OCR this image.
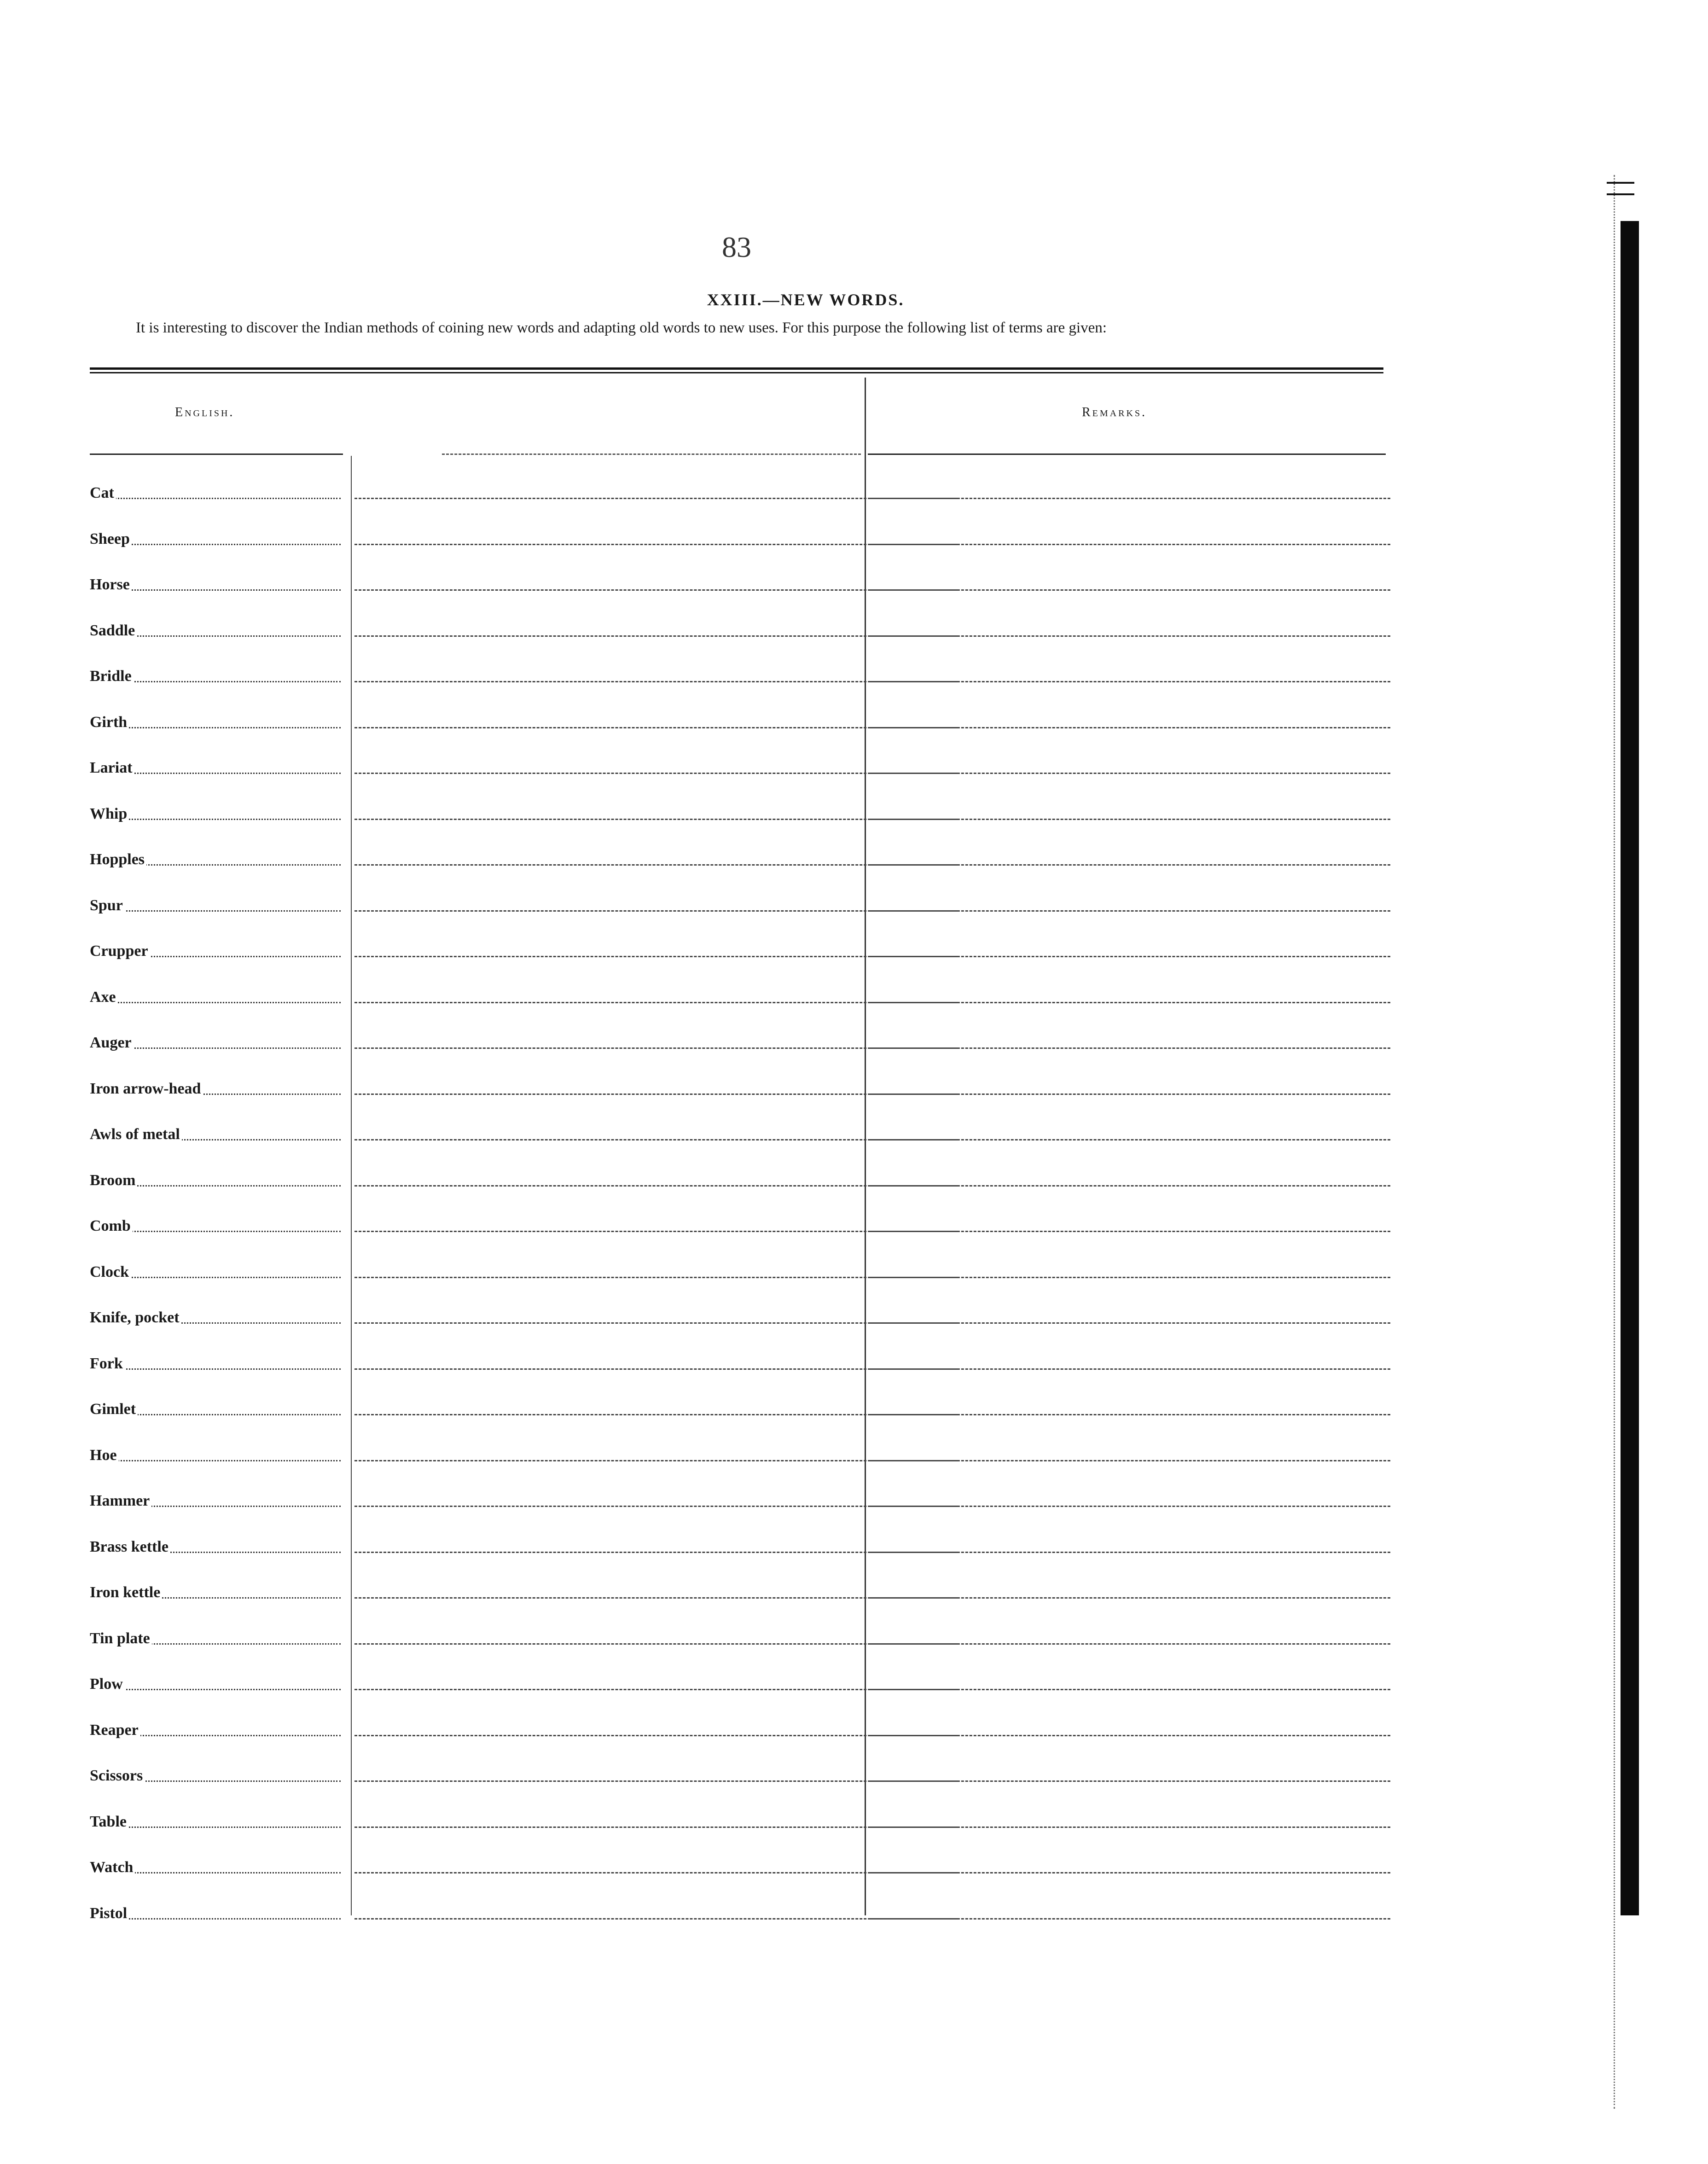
83
XXIII.—NEW WORDS.
It is interesting to discover the Indian methods of coining new words and adapting old words to new uses. For this purpose the following list of terms are given:
English.	Remarks.
Cat
Sheep
Horse
Saddle
Bridle
Girth
Lariat
Whip
Hopples
Spur
Crupper
Axe
Auger
Iron arrow-head
Awls of metal
Broom
Comb
Clock
Knife, pocket
Fork
Gimlet
Hoe
Hammer
Brass kettle
Iron kettle
Tin plate
Plow
Reaper
Scissors
Table
Watch
Pistol
